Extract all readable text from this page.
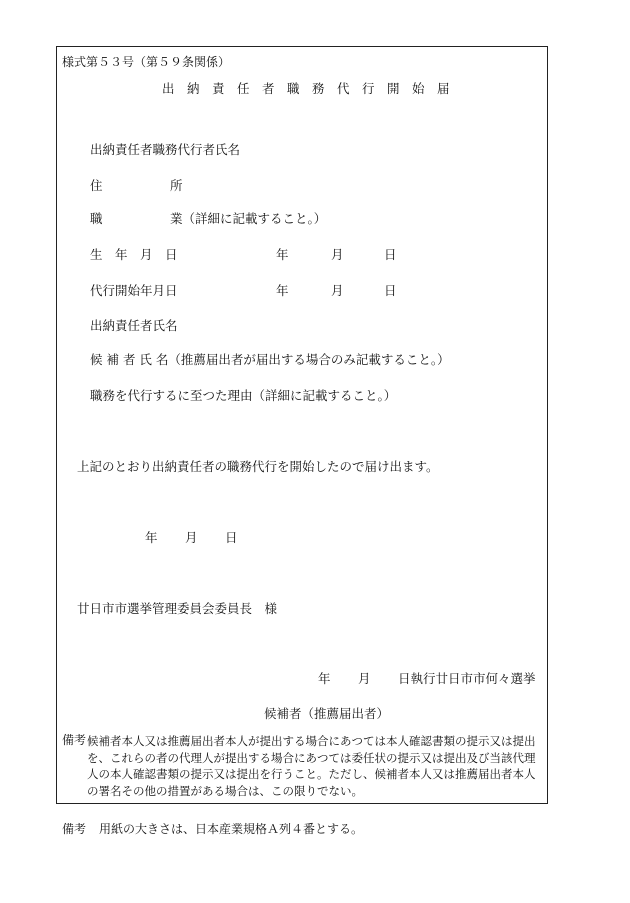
様式第５３号（第５９条関係）
出　納　責　任　者　職　務　代　行　開　始　届
出納責任者職務代行者氏名
住	所
職	業（詳細に記載すること。）
生　年　月　日	年	月	日
代行開始年月日	年	月	日
出納責任者氏名
候 補 者 氏 名（推薦届出者が届出する場合のみ記載すること。）
職務を代行するに至つた理由（詳細に記載すること。）
上記のとおり出納責任者の職務代行を開始したので届け出ます。
年 月 日
廿日市市選挙管理委員会委員長　様
年 月 日執行廿日市市何々選挙
候補者（推薦届出者）
備考 候補者本人又は推薦届出者本人が提出する場合にあつては本人確認書類の提示又は提出を、これらの者の代理人が提出する場合にあつては委任状の提示又は提出及び当該代理人の本人確認書類の提示又は提出を行うこと。ただし、候補者本人又は推薦届出者本人の署名その他の措置がある場合は、この限りでない。
備考 用紙の大きさは、日本産業規格Ａ列４番とする。
